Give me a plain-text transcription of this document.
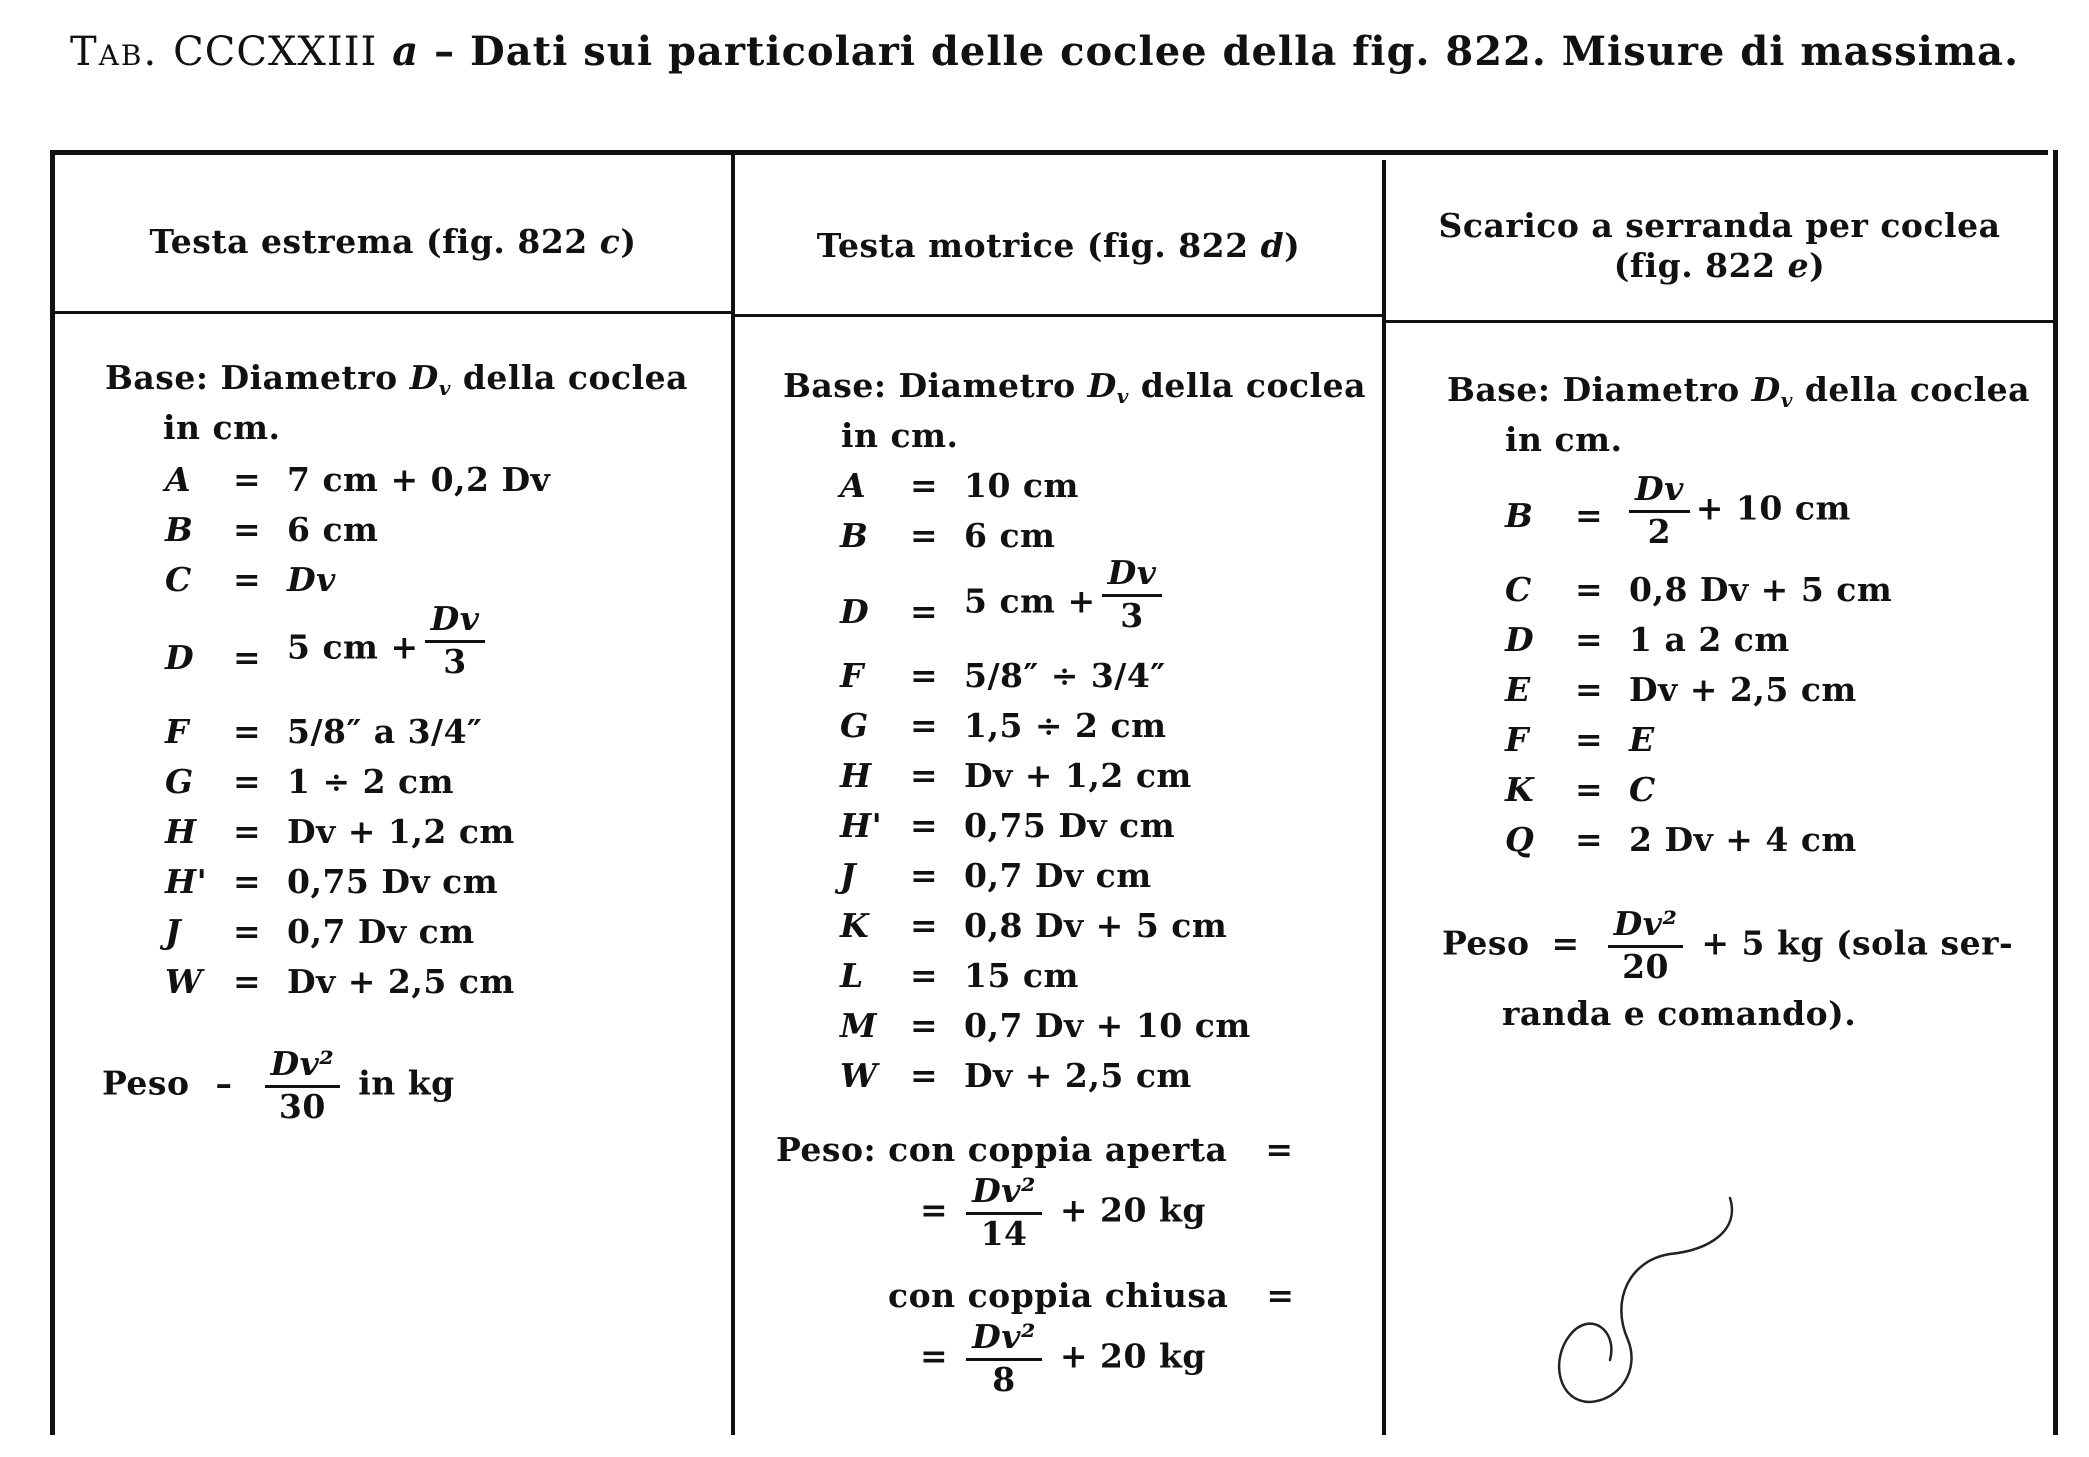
Tab. CCCXXIII a – Dati sui particolari delle coclee della fig. 822. Misure di massima.
Testa estrema (fig. 822 c)	Testa motrice (fig. 822 d)
Scarico a serranda per coclea
(fig. 822 e)
Base: Diametro $D_v$ della coclea
in cm.
A = 7 cm + 0,2 Dv
B = 6 cm
C = Dv
D = 5 cm + $\frac{Dv}{3}$
F = 5/8″ a 3/4″
G = 1 ÷ 2 cm
H = Dv + 1,2 cm
H' = 0,75 Dv cm
J = 0,7 Dv cm
W = Dv + 2,5 cm
Peso – $\frac{\text{Dv²}}{30}$ in kg
Base: Diametro $D_v$ della coclea
in cm.
A = 10 cm
B = 6 cm
D = 5 cm + $\frac{Dv}{3}$
F = 5/8″ ÷ 3/4″
G = 1,5 ÷ 2 cm
H = Dv + 1,2 cm
H' = 0,75 Dv cm
J = 0,7 Dv cm
K = 0,8 Dv + 5 cm
L = 15 cm
M = 0,7 Dv + 10 cm
W = Dv + 2,5 cm
Peso: con coppia aperta =
= $\frac{\text{Dv²}}{14} + 20$ kg
con coppia chiusa =
= $\frac{\text{Dv²}}{8} + 20$ kg
Base: Diametro $D_v$ della coclea
in cm.
$B = \frac{Dv}{2} + 10$ cm
C = 0,8 Dv + 5 cm
D = 1 a 2 cm
E = Dv + 2,5 cm
F = E
K = C
Q = 2 Dv + 4 cm
Peso = $\frac{\text{Dv²}}{20} + 5$ kg (sola ser-
randa e comando).
